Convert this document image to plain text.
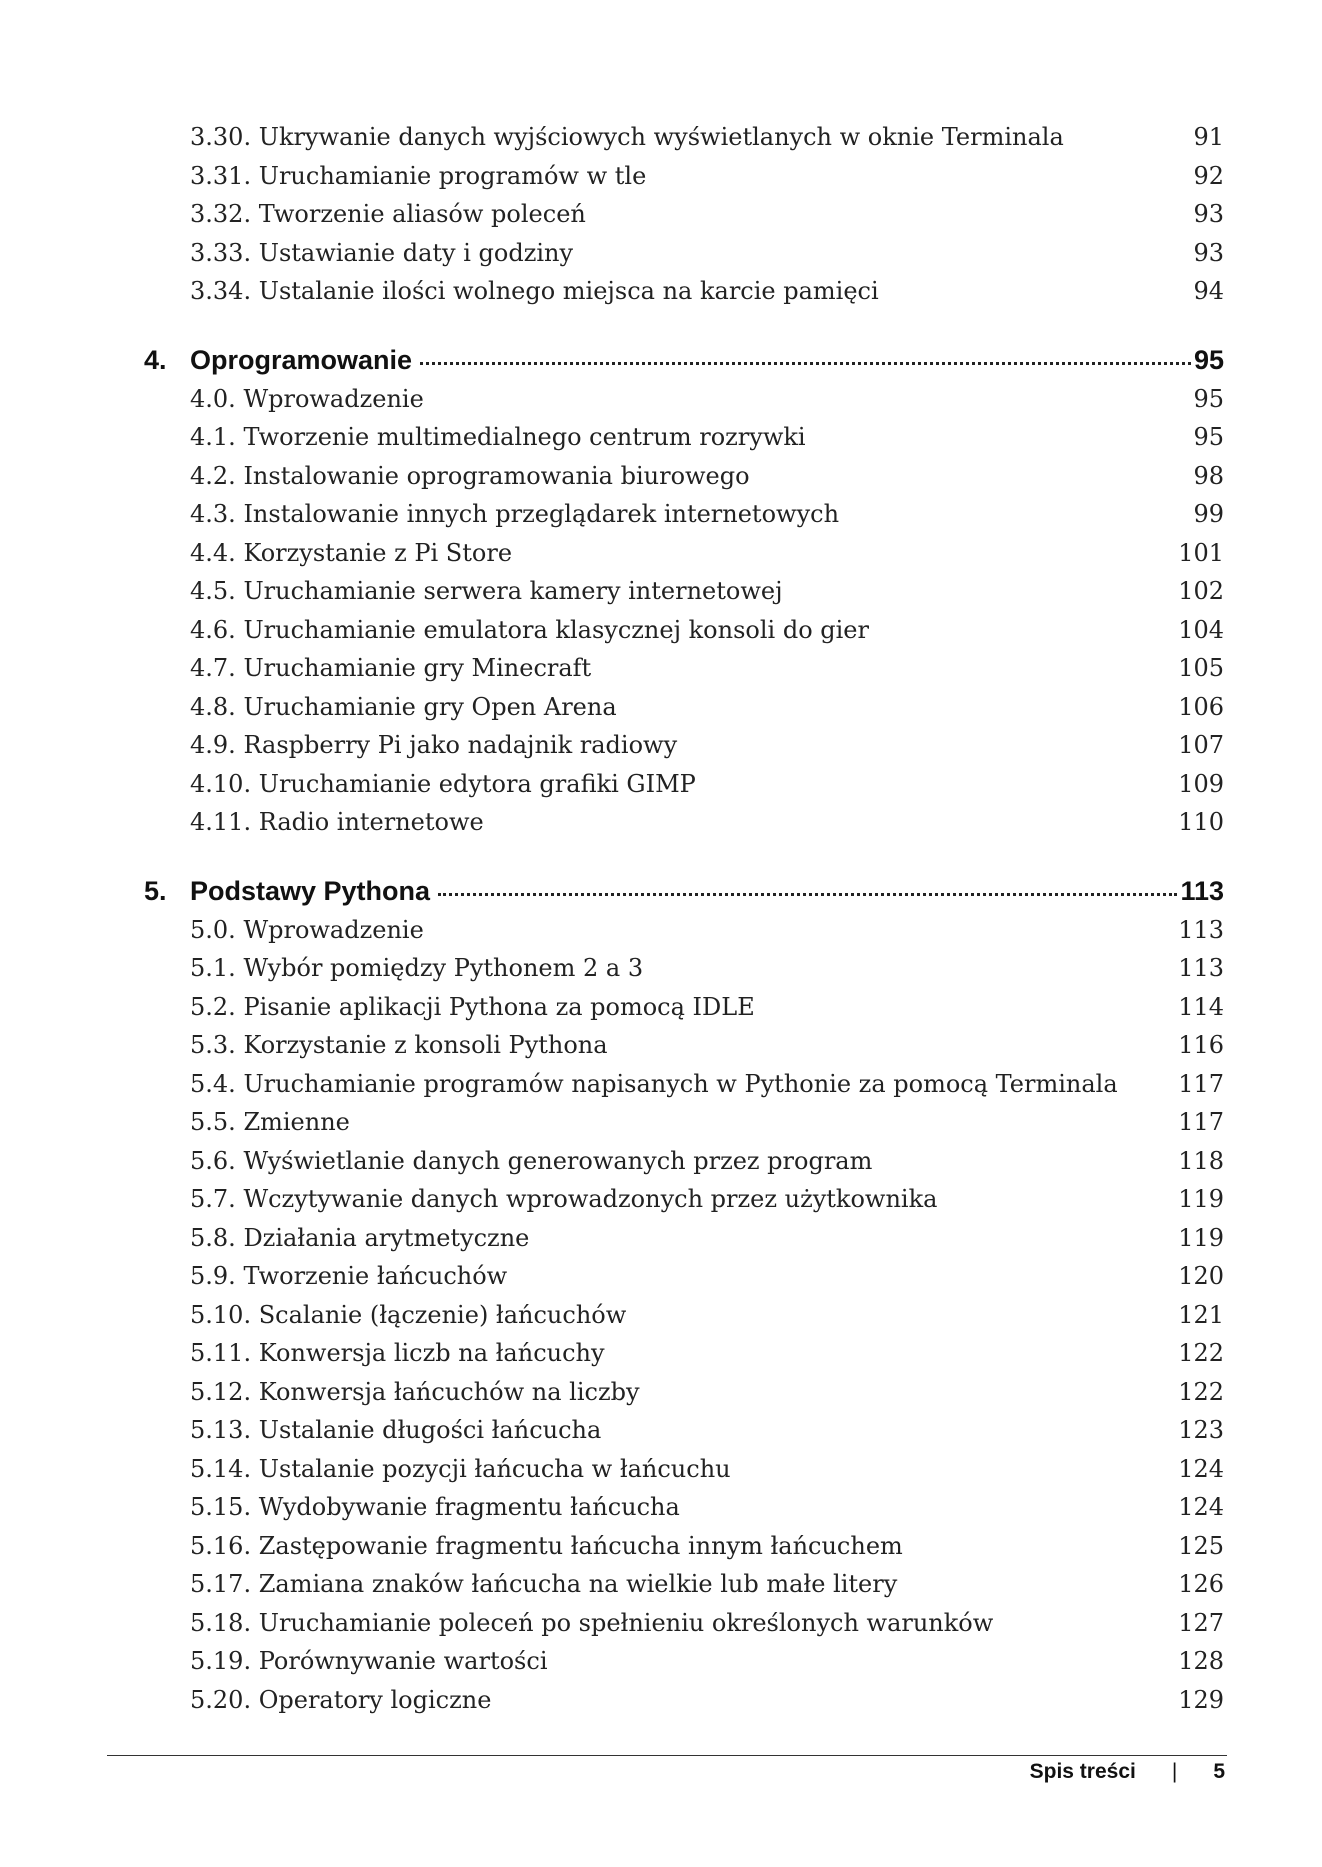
3.30. Ukrywanie danych wyjściowych wyświetlanych w oknie Terminala	91
3.31. Uruchamianie programów w tle	92
3.32. Tworzenie aliasów poleceń	93
3.33. Ustawianie daty i godziny	93
3.34. Ustalanie ilości wolnego miejsca na karcie pamięci	94
4. Oprogramowanie	95
4.0. Wprowadzenie	95
4.1. Tworzenie multimedialnego centrum rozrywki	95
4.2. Instalowanie oprogramowania biurowego	98
4.3. Instalowanie innych przeglądarek internetowych	99
4.4. Korzystanie z Pi Store	101
4.5. Uruchamianie serwera kamery internetowej	102
4.6. Uruchamianie emulatora klasycznej konsoli do gier	104
4.7. Uruchamianie gry Minecraft	105
4.8. Uruchamianie gry Open Arena	106
4.9. Raspberry Pi jako nadajnik radiowy	107
4.10. Uruchamianie edytora grafiki GIMP	109
4.11. Radio internetowe	110
5. Podstawy Pythona	113
5.0. Wprowadzenie	113
5.1. Wybór pomiędzy Pythonem 2 a 3	113
5.2. Pisanie aplikacji Pythona za pomocą IDLE	114
5.3. Korzystanie z konsoli Pythona	116
5.4. Uruchamianie programów napisanych w Pythonie za pomocą Terminala	117
5.5. Zmienne	117
5.6. Wyświetlanie danych generowanych przez program	118
5.7. Wczytywanie danych wprowadzonych przez użytkownika	119
5.8. Działania arytmetyczne	119
5.9. Tworzenie łańcuchów	120
5.10. Scalanie (łączenie) łańcuchów	121
5.11. Konwersja liczb na łańcuchy	122
5.12. Konwersja łańcuchów na liczby	122
5.13. Ustalanie długości łańcucha	123
5.14. Ustalanie pozycji łańcucha w łańcuchu	124
5.15. Wydobywanie fragmentu łańcucha	124
5.16. Zastępowanie fragmentu łańcucha innym łańcuchem	125
5.17. Zamiana znaków łańcucha na wielkie lub małe litery	126
5.18. Uruchamianie poleceń po spełnieniu określonych warunków	127
5.19. Porównywanie wartości	128
5.20. Operatory logiczne	129
Spis treści | 5
